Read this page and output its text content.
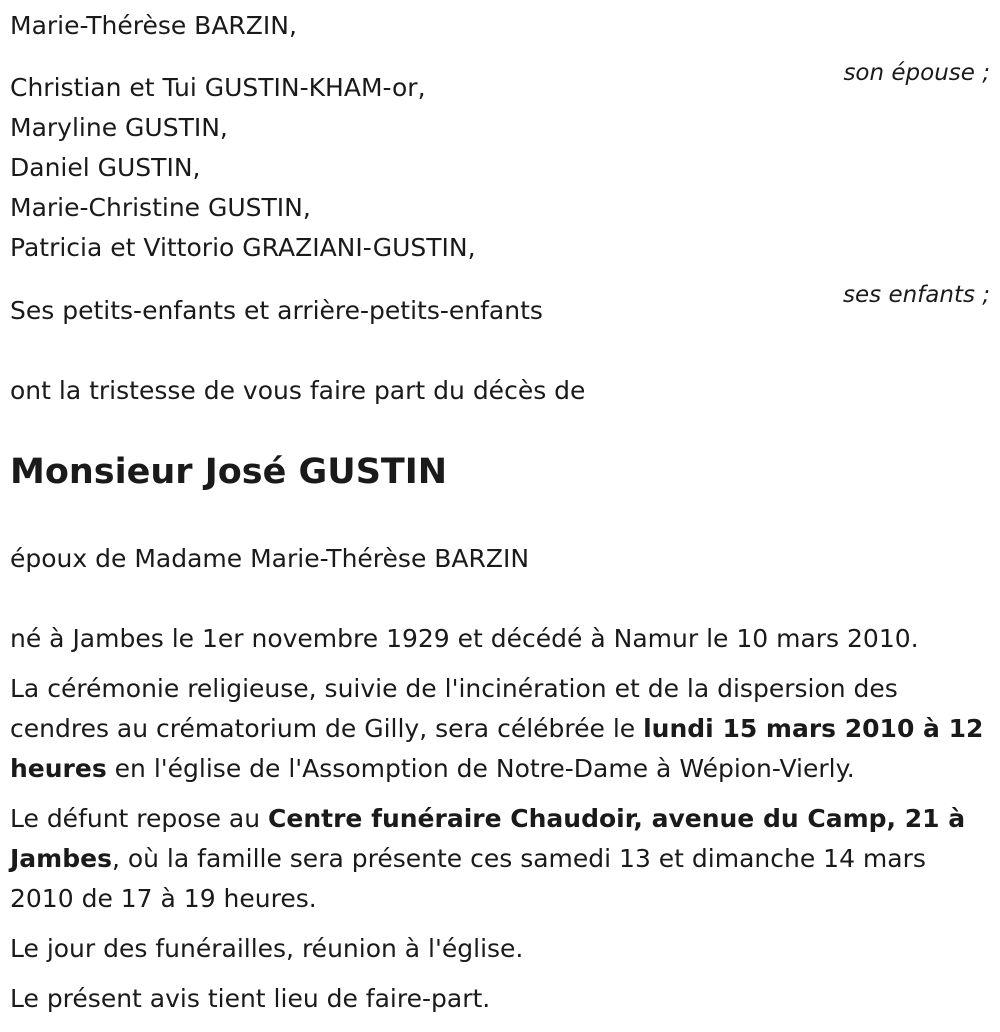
Marie-Thérèse BARZIN,

son épouse ;

Christian et Tui GUSTIN-KHAM-or,

Maryline GUSTIN,

Daniel GUSTIN,

Marie-Christine GUSTIN,

Patricia et Vittorio GRAZIANI-GUSTIN,

ses enfants ;

Ses petits-enfants et arrière-petits-enfants

ont la tristesse de vous faire part du décès de

Monsieur José GUSTIN

époux de Madame Marie-Thérèse BARZIN

né à Jambes le 1er novembre 1929 et décédé à Namur le 10 mars 2010.

La cérémonie religieuse, suivie de l'incinération et de la dispersion des cendres au crématorium de Gilly, sera célébrée le lundi 15 mars 2010 à 12 heures en l'église de l'Assomption de Notre-Dame à Wépion-Vierly.

Le défunt repose au Centre funéraire Chaudoir, avenue du Camp, 21 à Jambes, où la famille sera présente ces samedi 13 et dimanche 14 mars 2010 de 17 à 19 heures.

Le jour des funérailles, réunion à l'église.

Le présent avis tient lieu de faire-part.
